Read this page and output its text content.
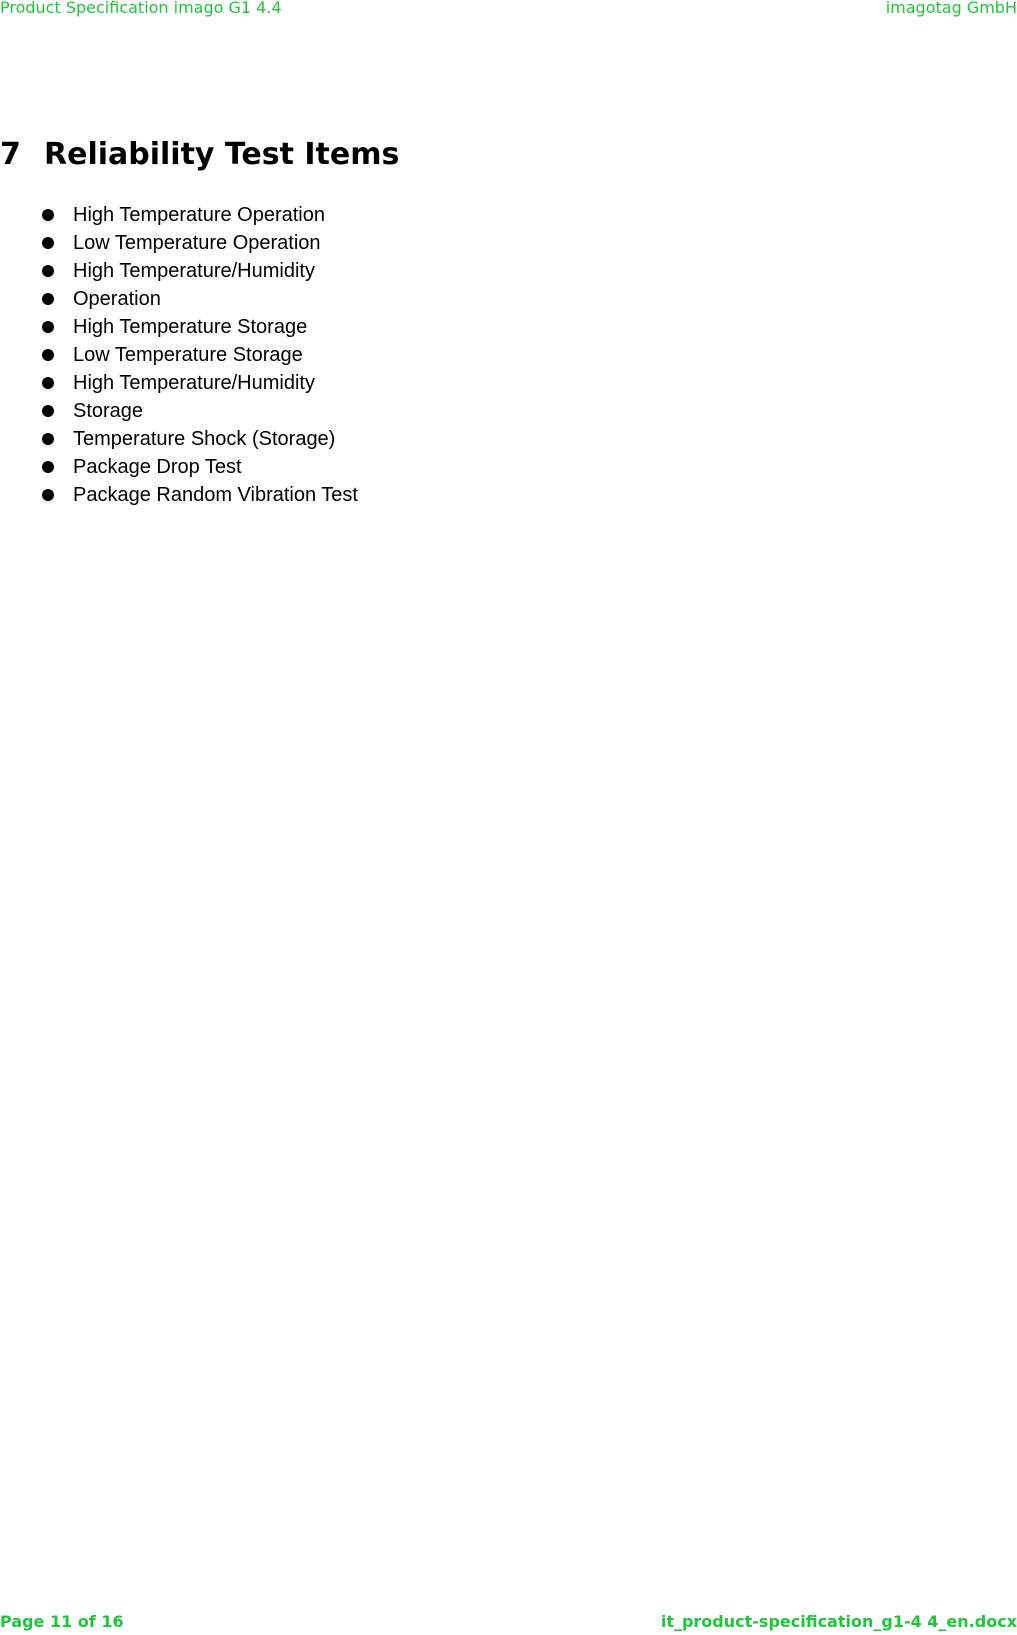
Product Specification imago G1 4.4	imagotag GmbH
7 Reliability Test Items
High Temperature Operation
Low Temperature Operation
High Temperature/Humidity
Operation
High Temperature Storage
Low Temperature Storage
High Temperature/Humidity
Storage
Temperature Shock (Storage)
Package Drop Test
Package Random Vibration Test
Page 11 of 16	it_product-specification_g1-4 4_en.docx
